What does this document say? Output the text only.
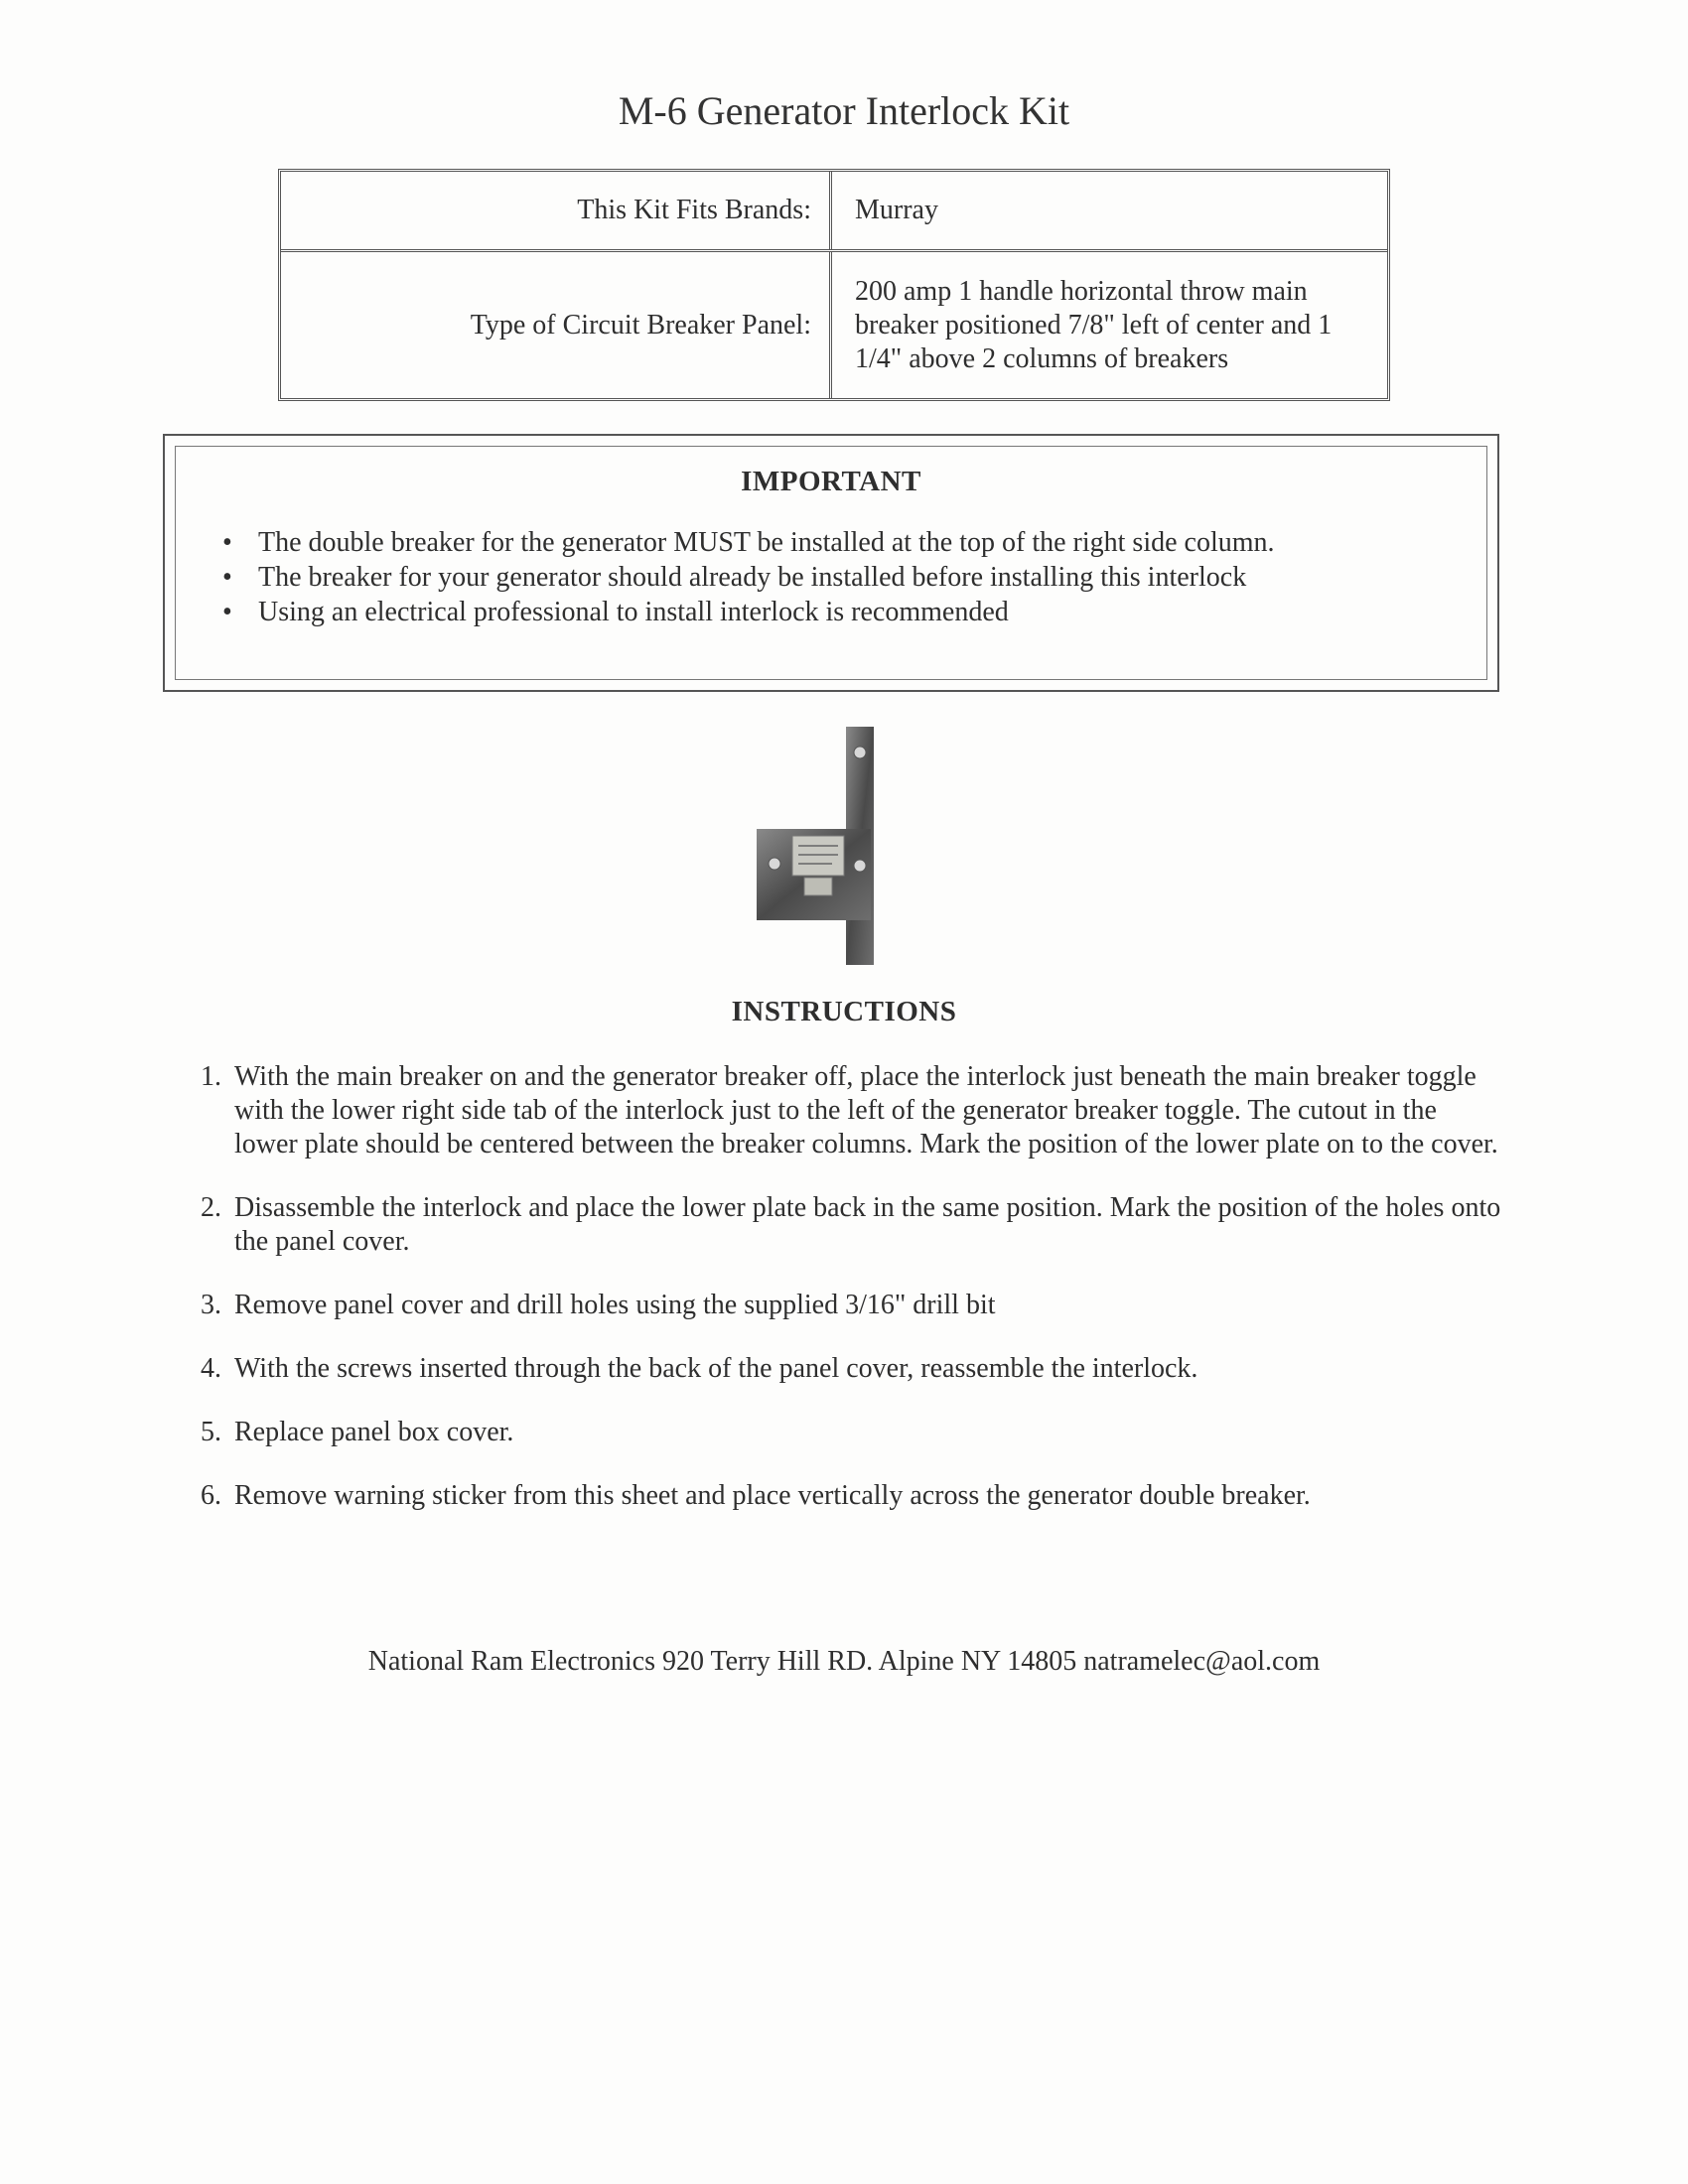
M-6 Generator Interlock Kit
This Kit Fits Brands:	Murray
Type of Circuit Breaker Panel:
200 amp 1 handle horizontal throw main breaker positioned 7/8" left of center and 1 1/4" above 2 columns of breakers
IMPORTANT
• The double breaker for the generator MUST be installed at the top of the right side column.
• The breaker for your generator should already be installed before installing this interlock
• Using an electrical professional to install interlock is recommended
INSTRUCTIONS
1. With the main breaker on and the generator breaker off, place the interlock just beneath the main breaker toggle with the lower right side tab of the interlock just to the left of the generator breaker toggle. The cutout in the lower plate should be centered between the breaker columns. Mark the position of the lower plate on to the cover.
2. Disassemble the interlock and place the lower plate back in the same position. Mark the position of the holes onto the panel cover.
3. Remove panel cover and drill holes using the supplied 3/16" drill bit
4. With the screws inserted through the back of the panel cover, reassemble the interlock.
5. Replace panel box cover.
6. Remove warning sticker from this sheet and place vertically across the generator double breaker.
National Ram Electronics 920 Terry Hill RD. Alpine NY 14805 natramelec@aol.com
